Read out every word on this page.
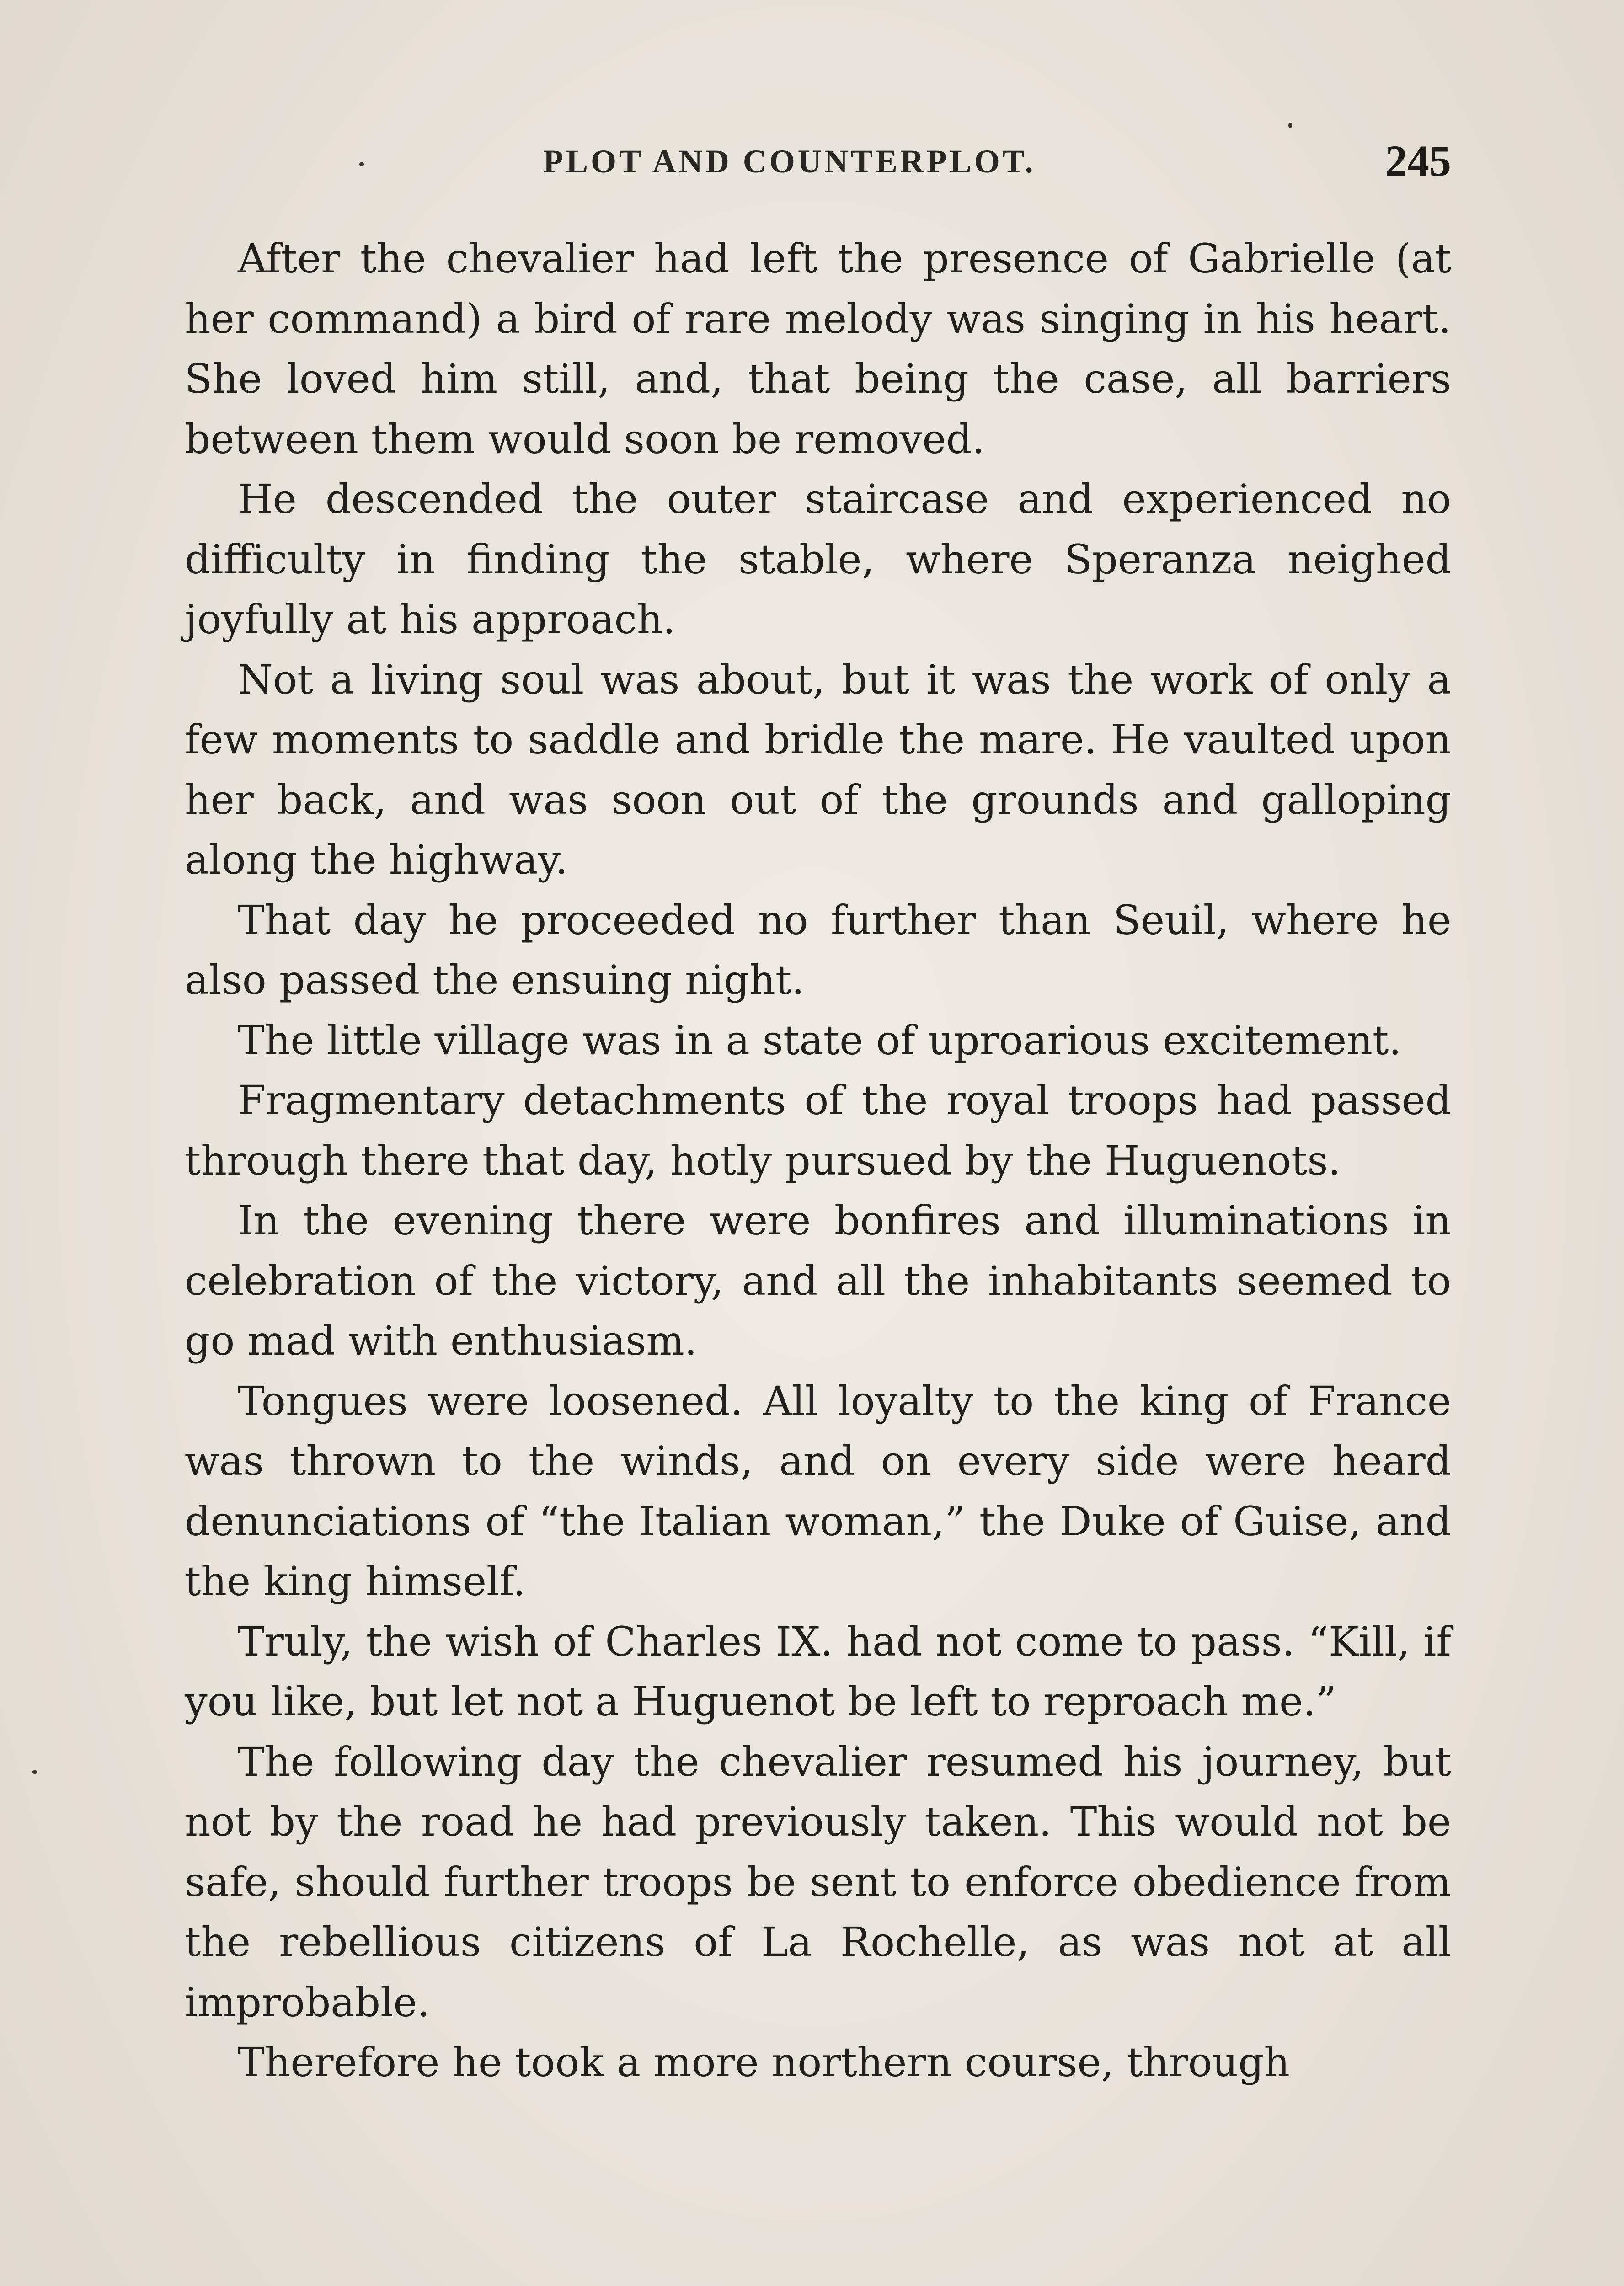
PLOT AND COUNTERPLOT.	245

After the chevalier had left the presence of Gabrielle (at her command) a bird of rare melody was singing in his heart. She loved him still, and, that being the case, all barriers between them would soon be removed.

He descended the outer staircase and experienced no difficulty in finding the stable, where Speranza neighed joyfully at his approach.

Not a living soul was about, but it was the work of only a few moments to saddle and bridle the mare. He vaulted upon her back, and was soon out of the grounds and galloping along the highway.

That day he proceeded no further than Seuil, where he also passed the ensuing night.

The little village was in a state of uproarious excitement.

Fragmentary detachments of the royal troops had passed through there that day, hotly pursued by the Huguenots.

In the evening there were bonfires and illuminations in celebration of the victory, and all the inhabitants seemed to go mad with enthusiasm.

Tongues were loosened. All loyalty to the king of France was thrown to the winds, and on every side were heard denunciations of “the Italian woman,” the Duke of Guise, and the king himself.

Truly, the wish of Charles IX. had not come to pass. “Kill, if you like, but let not a Huguenot be left to reproach me.”

The following day the chevalier resumed his journey, but not by the road he had previously taken. This would not be safe, should further troops be sent to enforce obedience from the rebellious citizens of La Rochelle, as was not at all improbable.

Therefore he took a more northern course, through
